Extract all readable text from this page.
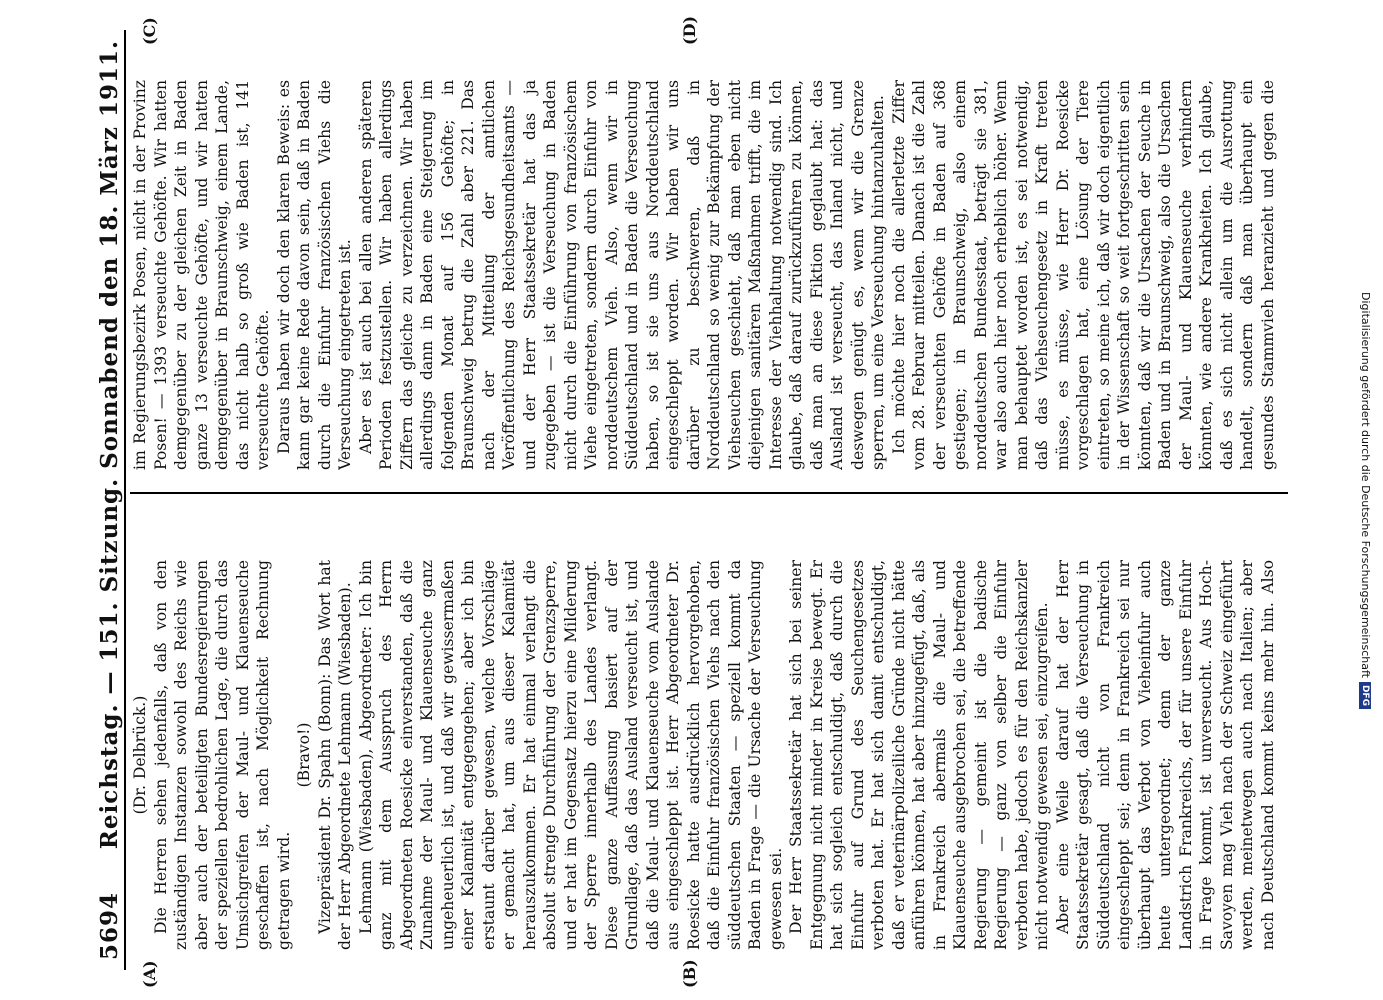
5694
Reichstag. — 151. Sitzung. Sonnabend den 18. März 1911.
(A)	(B)
(C)	(D)

(Dr. Delbrück.) Die Herren sehen jedenfalls, daß von den zuständigen Instanzen sowohl des Reichs wie aber auch der beteiligten Bundesregierungen der speziellen bedrohlichen Lage, die durch das Umsichgreifen der Maul- und Klauenseuche geschaffen ist, nach Möglichkeit Rechnung getragen wird.

(Bravo!) Vizepräsident Dr. Spahn (Bonn): Das Wort hat der Herr Abgeordnete Lehmann (Wiesbaden). Lehmann (Wiesbaden), Abgeordneter: Ich bin ganz mit dem Ausspruch des Herrn Abgeordneten Roesicke einverstanden, daß die Zunahme der Maul- und Klauenseuche ganz ungeheuerlich ist, und daß wir gewissermaßen einer Kalamität entgegengehen; aber ich bin erstaunt darüber gewesen, welche Vorschläge er gemacht hat, um aus dieser Kalamität herauszukommen. Er hat einmal verlangt die absolut strenge Durchführung der Grenzsperre, und er hat im Gegensatz hierzu eine Milderung der Sperre innerhalb des Landes verlangt. Diese ganze Auffassung basiert auf der Grundlage, daß das Ausland verseucht ist, und daß die Maul- und Klauenseuche vom Auslande aus eingeschleppt ist. Herr Abgeordneter Dr. Roesicke hatte ausdrücklich hervorgehoben, daß die Einfuhr französischen Viehs nach den süddeutschen Staaten — speziell kommt da Baden in Frage — die Ursache der Verseuchung gewesen sei. Der Herr Staatssekretär hat sich bei seiner Entgegnung nicht minder in Kreise bewegt. Er hat sich sogleich entschuldigt, daß durch die Einfuhr auf Grund des Seuchengesetzes verboten hat. Er hat sich damit entschuldigt, daß er veterinärpolizeiliche Gründe nicht hätte anführen können, hat aber hinzugefügt, daß, als in Frankreich abermals die Maul- und Klauenseuche ausgebrochen sei, die betreffende Regierung — gemeint ist die badische Regierung — ganz von selber die Einfuhr verboten habe, jedoch es für den Reichskanzler nicht notwendig gewesen sei, einzugreifen. Aber eine Weile darauf hat der Herr Staatssekretär gesagt, daß die Verseuchung in Süddeutschland nicht von Frankreich eingeschleppt sei; denn in Frankreich sei nur überhaupt das Verbot von Vieheinfuhr auch heute untergeordnet; denn der ganze Landstrich Frankreichs, der für unsere Einfuhr in Frage kommt, ist unverseucht. Aus Hoch-Savoyen mag Vieh nach der Schweiz eingeführt werden, meinetwegen auch nach Italien; aber nach Deutschland kommt keins mehr hin. Also

im Regierungsbezirk Posen, nicht in der Provinz Posen! — 1393 verseuchte Gehöfte. Wir hatten demgegenüber zu der gleichen Zeit in Baden ganze 13 verseuchte Gehöfte, und wir hatten demgegenüber in Braunschweig, einem Lande, das nicht halb so groß wie Baden ist, 141 verseuchte Gehöfte. Daraus haben wir doch den klaren Beweis: es kann gar keine Rede davon sein, daß in Baden durch die Einfuhr französischen Viehs die Verseuchung eingetreten ist. Aber es ist auch bei allen anderen späteren Perioden festzustellen. Wir haben allerdings Ziffern das gleiche zu verzeichnen. Wir haben allerdings dann in Baden eine Steigerung im folgenden Monat auf 156 Gehöfte; in Braunschweig betrug die Zahl aber 221. Das nach der Mitteilung der amtlichen Veröffentlichung des Reichsgesundheitsamts — und der Herr Staatssekretär hat das ja zugegeben — ist die Verseuchung in Baden nicht durch die Einführung von französischem Viehe eingetreten, sondern durch Einfuhr von norddeutschem Vieh. Also, wenn wir in Süddeutschland und in Baden die Verseuchung haben, so ist sie uns aus Norddeutschland eingeschleppt worden. Wir haben wir uns darüber zu beschweren, daß in Norddeutschland so wenig zur Bekämpfung der Viehseuchen geschieht, daß man eben nicht diejenigen sanitären Maßnahmen trifft, die im Interesse der Viehhaltung notwendig sind. Ich glaube, daß darauf zurückzuführen zu können, daß man an diese Fiktion geglaubt hat: das Ausland ist verseucht, das Inland nicht, und deswegen genügt es, wenn wir die Grenze sperren, um eine Verseuchung hintanzuhalten. Ich möchte hier noch die allerletzte Ziffer vom 28. Februar mitteilen. Danach ist die Zahl der verseuchten Gehöfte in Baden auf 368 gestiegen; in Braunschweig, also einem norddeutschen Bundesstaat, beträgt sie 381, war also auch hier noch erheblich höher. Wenn man behauptet worden ist, es sei notwendig, daß das Viehseuchengesetz in Kraft treten müsse, es müsse, wie Herr Dr. Roesicke vorgeschlagen hat, eine Lösung der Tiere eintreten, so meine ich, daß wir doch eigentlich in der Wissenschaft so weit fortgeschritten sein könnten, daß wir die Ursachen der Seuche in Baden und in Braunschweig, also die Ursachen der Maul- und Klauenseuche verhindern könnten, wie andere Krankheiten. Ich glaube, daß es sich nicht allein um die Ausrottung handelt, sondern daß man überhaupt ein gesundes Stammvieh heranzieht und gegen die

Digitalisierung gefördert durch die Deutsche Forschungsgemeinschaft
DFG
